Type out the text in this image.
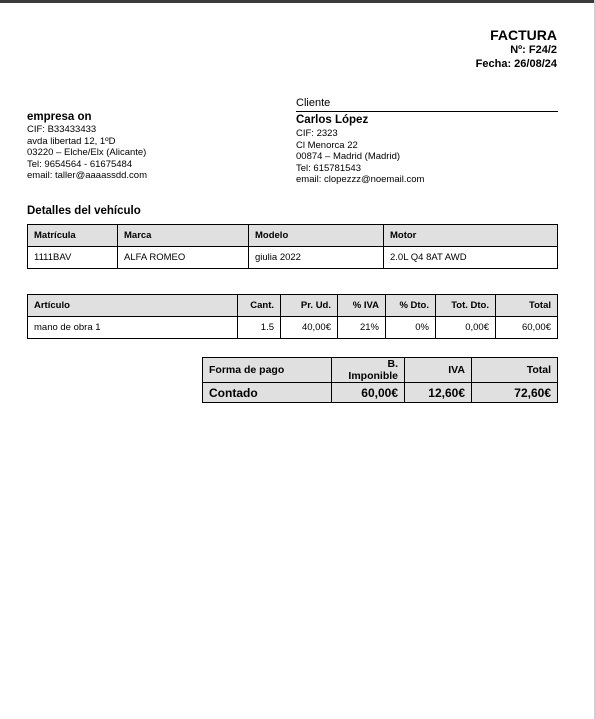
FACTURA
Nº: F24/2
Fecha: 26/08/24
empresa on
CIF: B33433433
avda libertad 12, 1ºD
03220 – Elche/Elx (Alicante)
Tel: 9654564 - 61675484
email: taller@aaaassdd.com
Cliente
Carlos López
CIF: 2323
Cl Menorca 22
00874 – Madrid (Madrid)
Tel: 615781543
email: clopezzz@noemail.com
Detalles del vehículo
Matrícula	Marca	Modelo	Motor
1111BAV	ALFA ROMEO	giulia 2022	2.0L Q4 8AT AWD
Artículo	Cant.	Pr. Ud.	% IVA	% Dto.	Tot. Dto.	Total
mano de obra 1	1.5	40,00€	21%	0%	0,00€	60,00€
Forma de pago	B. Imponible	IVA	Total
Contado	60,00€	12,60€	72,60€
